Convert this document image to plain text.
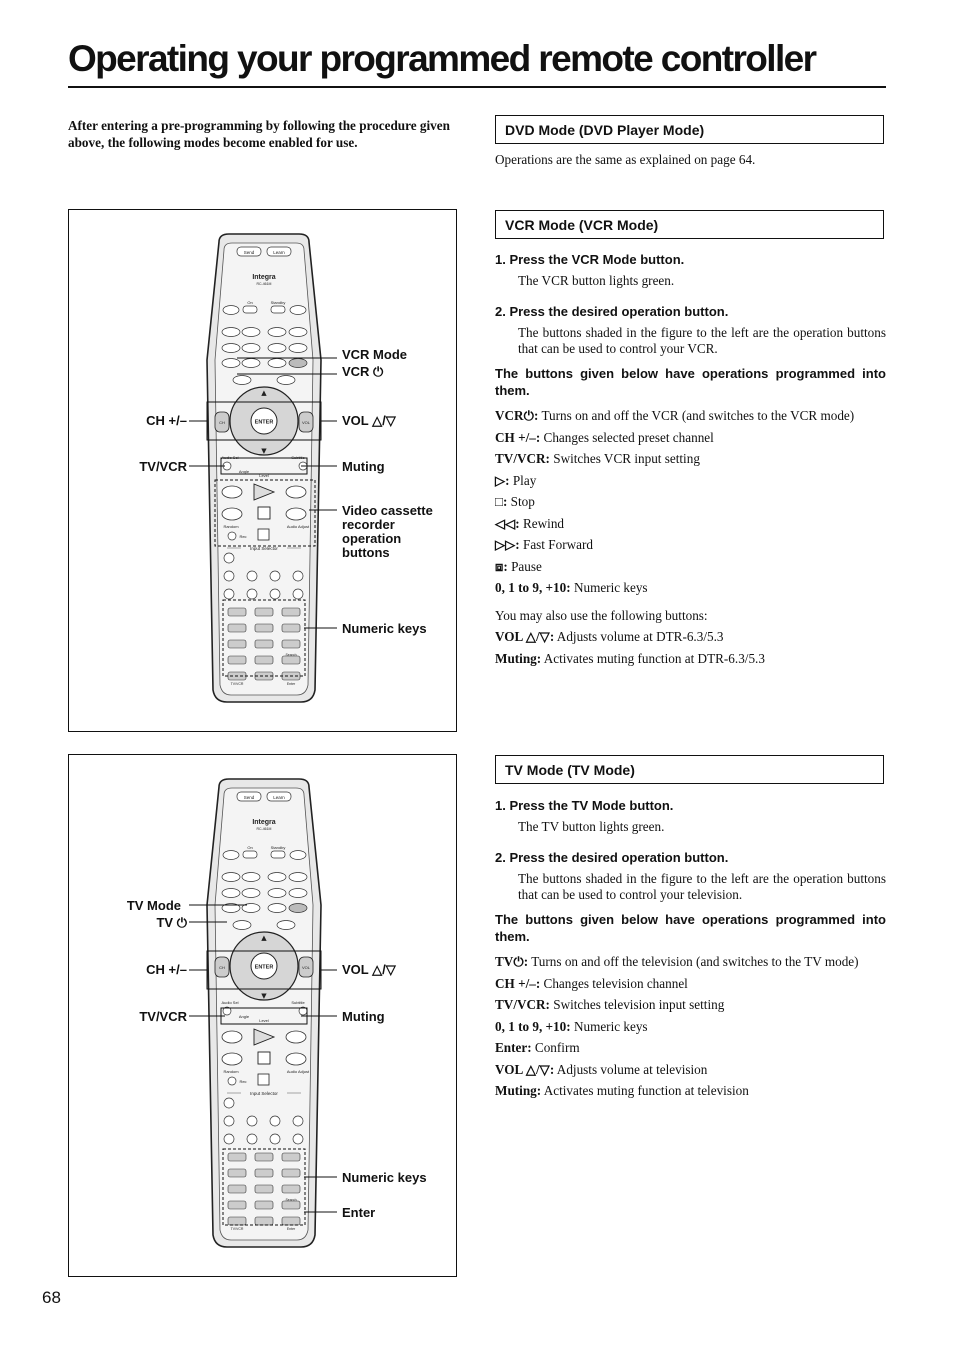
Operating your programmed remote controller
After entering a pre-programming by following the procedure given above, the following modes become enabled for use.
DVD Mode (DVD Player Mode)
Operations are the same as explained on page 64.
VCR Mode (VCR Mode)

1. Press the VCR Mode button.

The VCR button lights green.

2. Press the desired operation button.

The buttons shaded in the figure to the left are the operation buttons that can be used to control your VCR.

The buttons given below have operations programmed into them.

VCR⏻: Turns on and off the VCR (and switches to the VCR mode)
CH +/–: Changes selected preset channel
TV/VCR: Switches VCR input setting
▷: Play
□: Stop
◁◁: Rewind
▷▷: Fast Forward
⧈: Pause
0, 1 to 9, +10: Numeric keys
You may also use the following buttons:
VOL △/▽: Adjusts volume at DTR-6.3/5.3
Muting: Activates muting function at DTR-6.3/5.3
TV Mode (TV Mode)

1. Press the TV Mode button.

The TV button lights green.

2. Press the desired operation button.

The buttons shaded in the figure to the left are the operation buttons that can be used to control your television.

The buttons given below have operations programmed into them.

TV⏻: Turns on and off the television (and switches to the TV mode)
CH +/–: Changes television channel
TV/VCR: Switches television input setting
0, 1 to 9, +10: Numeric keys
Enter: Confirm
VOL △/▽: Adjusts volume at television
Muting: Activates muting function at television
Send	Learn
Integra
RC-461M
On	Standby
ENTER
CH	VOL
▲
▼
Audio Sel	Subtitle
Angle
Level
Random	Audio Adjust
Rec
Input Selector
TV/VCR
Search
Enter
VCR Mode
VCR ⏻
CH +/–	VOL △/▽
TV/VCR	Muting
Video cassette
recorder
operation
buttons
Numeric keys
Send	Learn
Integra
RC-461M
On	Standby
ENTER
CH	VOL
▲
▼
Audio Sel	Subtitle
Angle
Level
Random	Audio Adjust
Rec
Input Selector
TV/VCR
Search
Enter
TV Mode
TV ⏻
CH +/–	VOL △/▽
TV/VCR	Muting
Numeric keys
Enter
68
